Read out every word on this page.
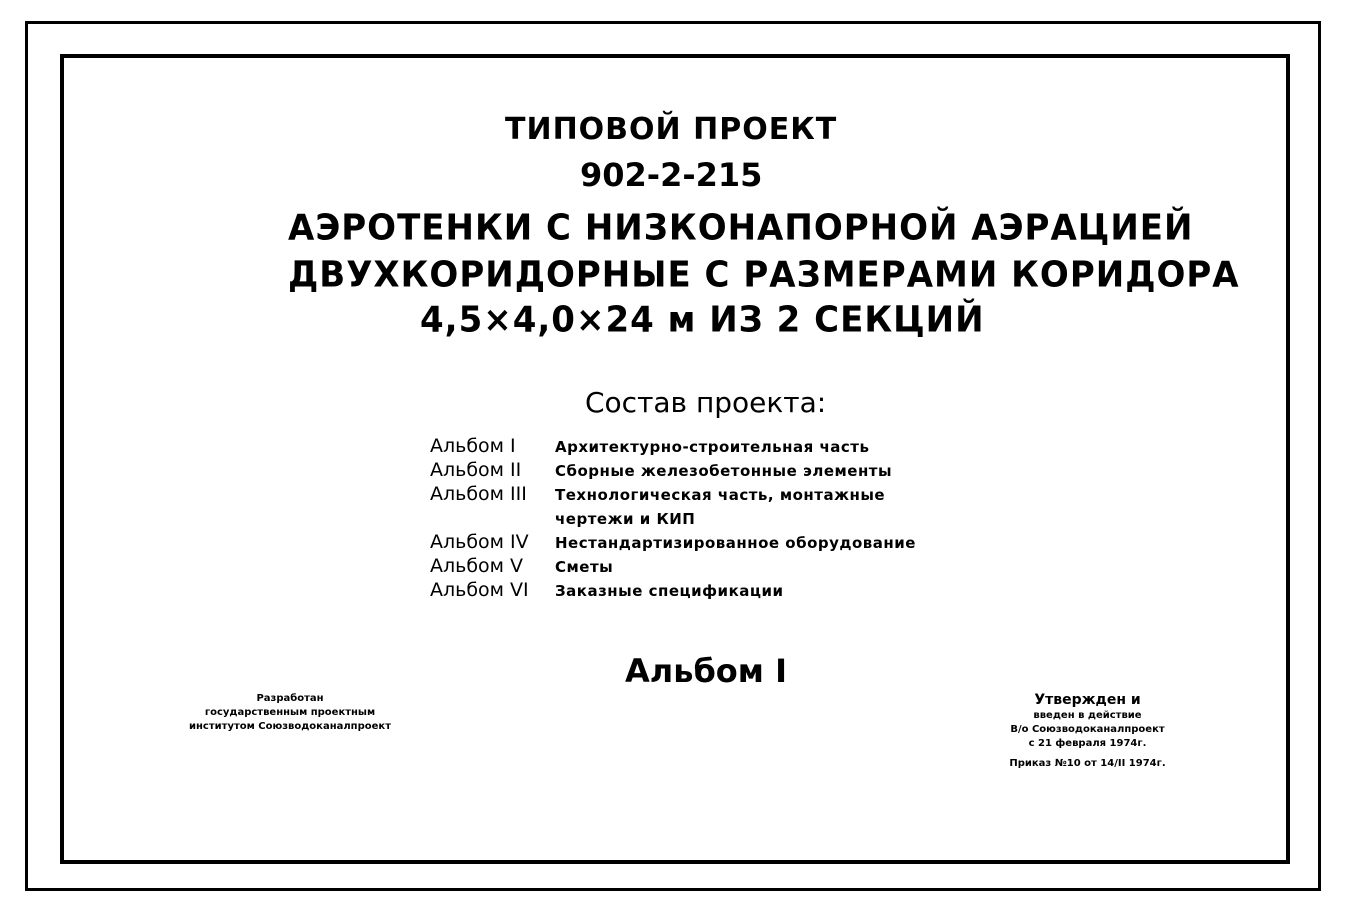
ТИПОВОЙ ПРОЕКТ
902-2-215
АЭРОТЕНКИ С НИЗКОНАПОРНОЙ АЭРАЦИЕЙ
ДВУХКОРИДОРНЫЕ С РАЗМЕРАМИ КОРИДОРА
4,5×4,0×24 м ИЗ 2 СЕКЦИЙ
Состав проекта:
Альбом I	Архитектурно-строительная часть
Альбом II	Сборные железобетонные элементы
Альбом III	Технологическая часть, монтажные
чертежи и КИП
Альбом IV	Нестандартизированное оборудование
Альбом V	Сметы
Альбом VI	Заказные спецификации
Альбом I
Разработан
государственным проектным
институтом Союзводоканалпроект
Утвержден и
введен в действие
В/о Союзводоканалпроект
с 21 февраля 1974г.
Приказ №10 от 14/II 1974г.
